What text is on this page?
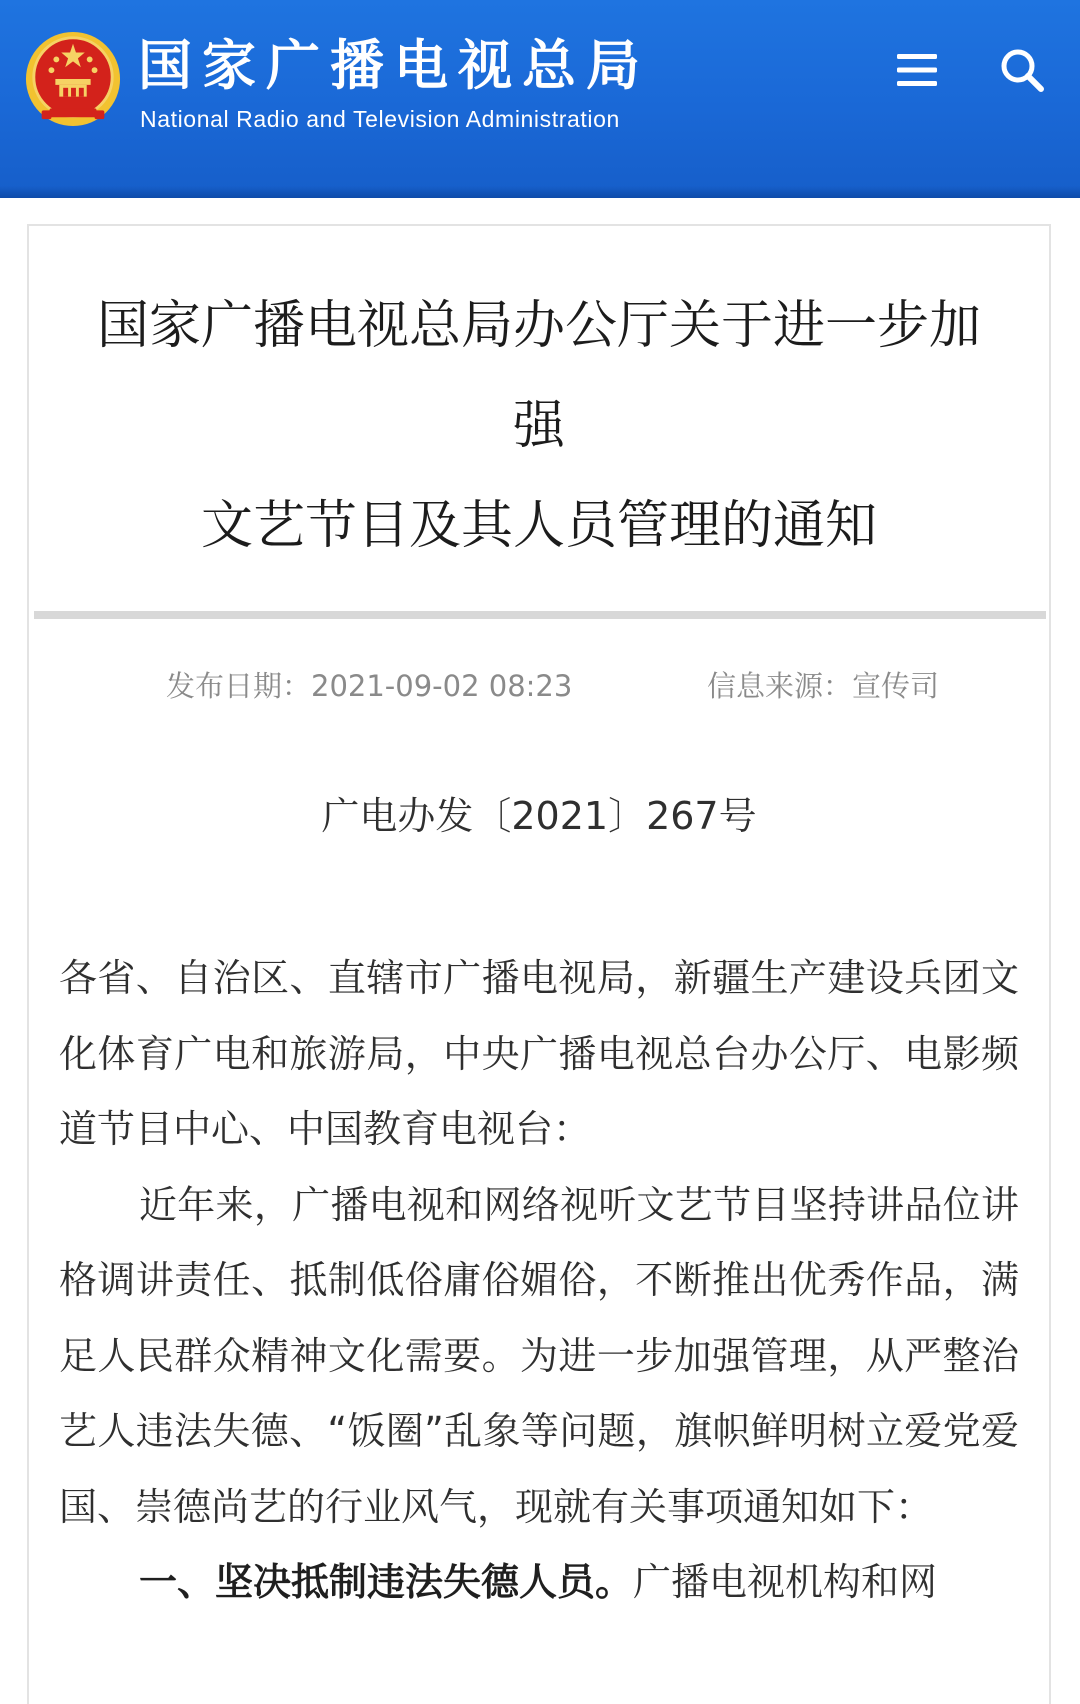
国家广播电视总局
National Radio and Television Administration
国家广播电视总局办公厅关于进一步加
强
文艺节目及其人员管理的通知
发布日期：2021-09-02 08:23	信息来源：宣传司
广电办发〔2021〕267号

各省、自治区、直辖市广播电视局，新疆生产建设兵团文化体育广电和旅游局，中央广播电视总台办公厅、电影频道节目中心、中国教育电视台：

近年来，广播电视和网络视听文艺节目坚持讲品位讲格调讲责任、抵制低俗庸俗媚俗，不断推出优秀作品，满足人民群众精神文化需要。为进一步加强管理，从严整治艺人违法失德、“饭圈”乱象等问题，旗帜鲜明树立爱党爱国、崇德尚艺的行业风气，现就有关事项通知如下：

一、坚决抵制违法失德人员。广播电视机构和网
